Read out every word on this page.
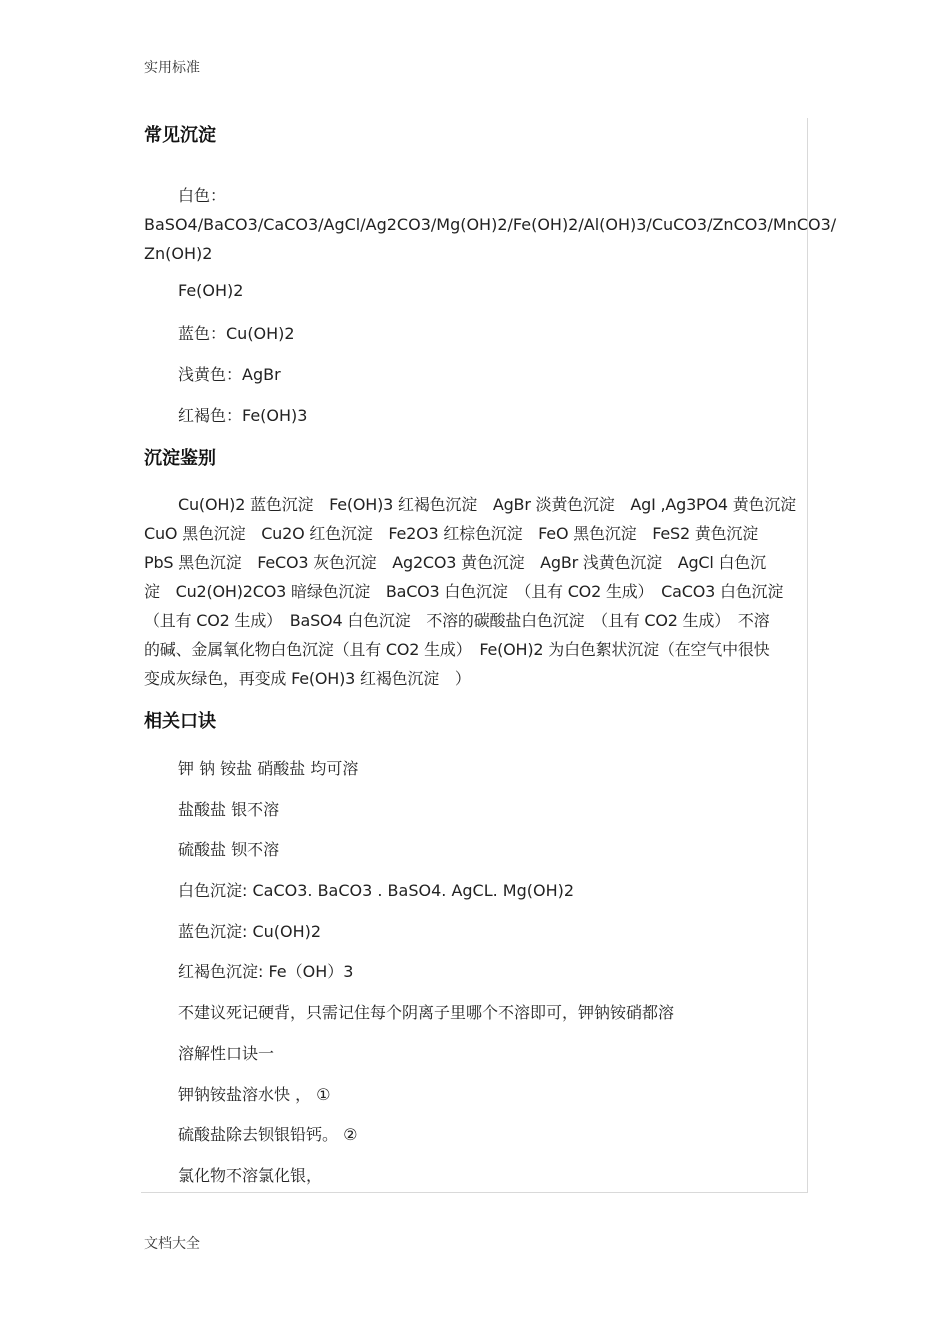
实用标准
常见沉淀
白色：
BaSO4/BaCO3/CaCO3/AgCl/Ag2CO3/Mg(OH)2/Fe(OH)2/Al(OH)3/CuCO3/ZnCO3/MnCO3/
Zn(OH)2

Fe(OH)2

蓝色：Cu(OH)2

浅黄色：AgBr

红褐色：Fe(OH)3

沉淀鉴别
Cu(OH)2 蓝色沉淀　Fe(OH)3 红褐色沉淀　AgBr 淡黄色沉淀　AgI ,Ag3PO4 黄色沉淀
CuO 黑色沉淀　Cu2O 红色沉淀　Fe2O3 红棕色沉淀　FeO 黑色沉淀　FeS2 黄色沉淀
PbS 黑色沉淀　FeCO3 灰色沉淀　Ag2CO3 黄色沉淀　AgBr 浅黄色沉淀　AgCl 白色沉
淀　Cu2(OH)2CO3 暗绿色沉淀　BaCO3 白色沉淀　（且有 CO2 生成）　CaCO3 白色沉淀
（且有 CO2 生成）　BaSO4 白色沉淀　不溶的碳酸盐白色沉淀　（且有 CO2 生成）　不溶
的碱、金属氧化物白色沉淀（且有 CO2 生成）　Fe(OH)2 为白色絮状沉淀（在空气中很快
变成灰绿色，再变成 Fe(OH)3 红褐色沉淀　）
相关口诀

钾 钠 铵盐 硝酸盐 均可溶

盐酸盐 银不溶

硫酸盐 钡不溶

白色沉淀: CaCO3. BaCO3 . BaSO4. AgCL. Mg(OH)2

蓝色沉淀: Cu(OH)2

红褐色沉淀: Fe（OH）3

不建议死记硬背，只需记住每个阴离子里哪个不溶即可，钾钠铵硝都溶

溶解性口诀一

钾钠铵盐溶水快 ， ①

硫酸盐除去钡银铅钙。 ②

氯化物不溶氯化银，

文档大全
